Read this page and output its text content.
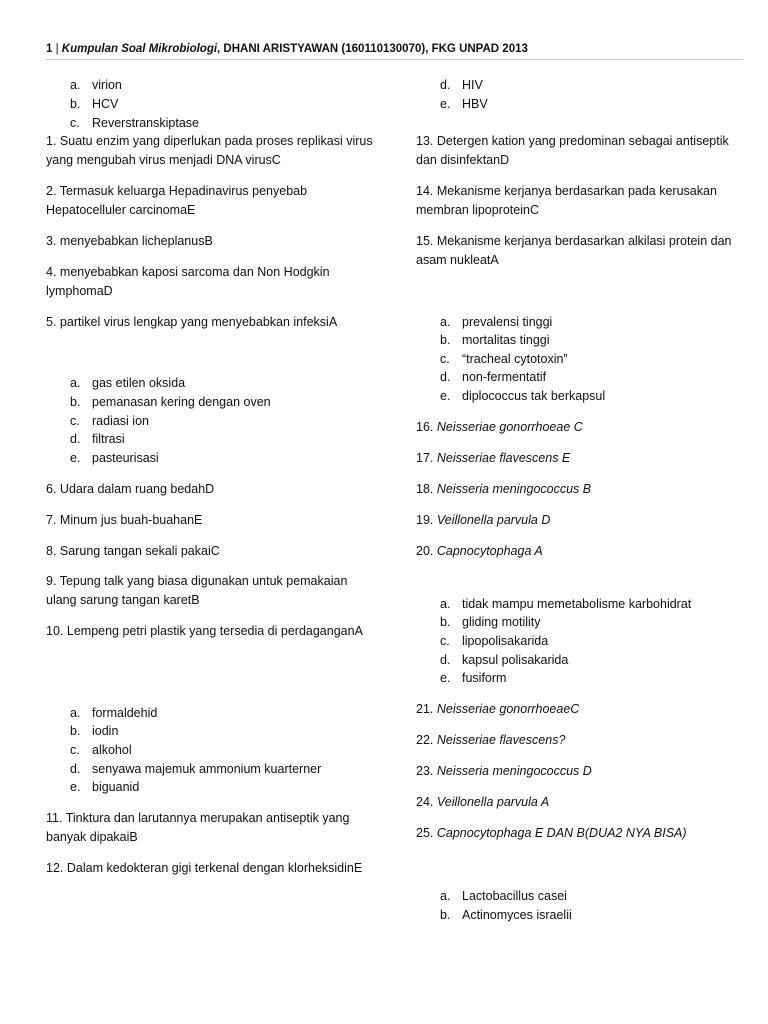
1 | Kumpulan Soal Mikrobiologi, DHANI ARISTYAWAN (160110130070), FKG UNPAD 2013
a. virion
b. HCV
c. Reverstranskiptase
1. Suatu enzim yang diperlukan pada proses replikasi virus yang mengubah virus menjadi DNA virusC
2. Termasuk keluarga Hepadinavirus penyebab Hepatocelluler carcinomaE
3. menyebabkan licheplanusB
4. menyebabkan kaposi sarcoma dan Non Hodgkin lymphomaD
5. partikel virus lengkap yang menyebabkan infeksiA
a. gas etilen oksida
b. pemanasan kering dengan oven
c. radiasi ion
d. filtrasi
e. pasteurisasi
6. Udara dalam ruang bedahD
7. Minum jus buah-buahanE
8. Sarung tangan sekali pakaiC
9. Tepung talk yang biasa digunakan untuk pemakaian ulang sarung tangan karetB
10. Lempeng petri plastik yang tersedia di perdaganganA
a. formaldehid
b. iodin
c. alkohol
d. senyawa majemuk ammonium kuarterner
e. biguanid
11. Tinktura dan larutannya merupakan antiseptik yang banyak dipakaiB
12. Dalam kedokteran gigi terkenal dengan klorheksidinE
d. HIV
e. HBV
13. Detergen kation yang predominan sebagai antiseptik dan disinfektanD
14. Mekanisme kerjanya berdasarkan pada kerusakan membran lipoproteinC
15. Mekanisme kerjanya berdasarkan alkilasi protein dan asam nukleatA
a. prevalensi tinggi
b. mortalitas tinggi
c. “tracheal cytotoxin”
d. non-fermentatif
e. diplococcus tak berkapsul
16. Neisseriae gonorrhoeae C
17. Neisseriae flavescens E
18. Neisseria meningococcus B
19. Veillonella parvula D
20. Capnocytophaga A
a. tidak mampu memetabolisme karbohidrat
b. gliding motility
c. lipopolisakarida
d. kapsul polisakarida
e. fusiform
21. Neisseriae gonorrhoeaeC
22. Neisseriae flavescens?
23. Neisseria meningococcus D
24. Veillonella parvula A
25. Capnocytophaga E DAN B(DUA2 NYA BISA)
a. Lactobacillus casei
b. Actinomyces israelii
